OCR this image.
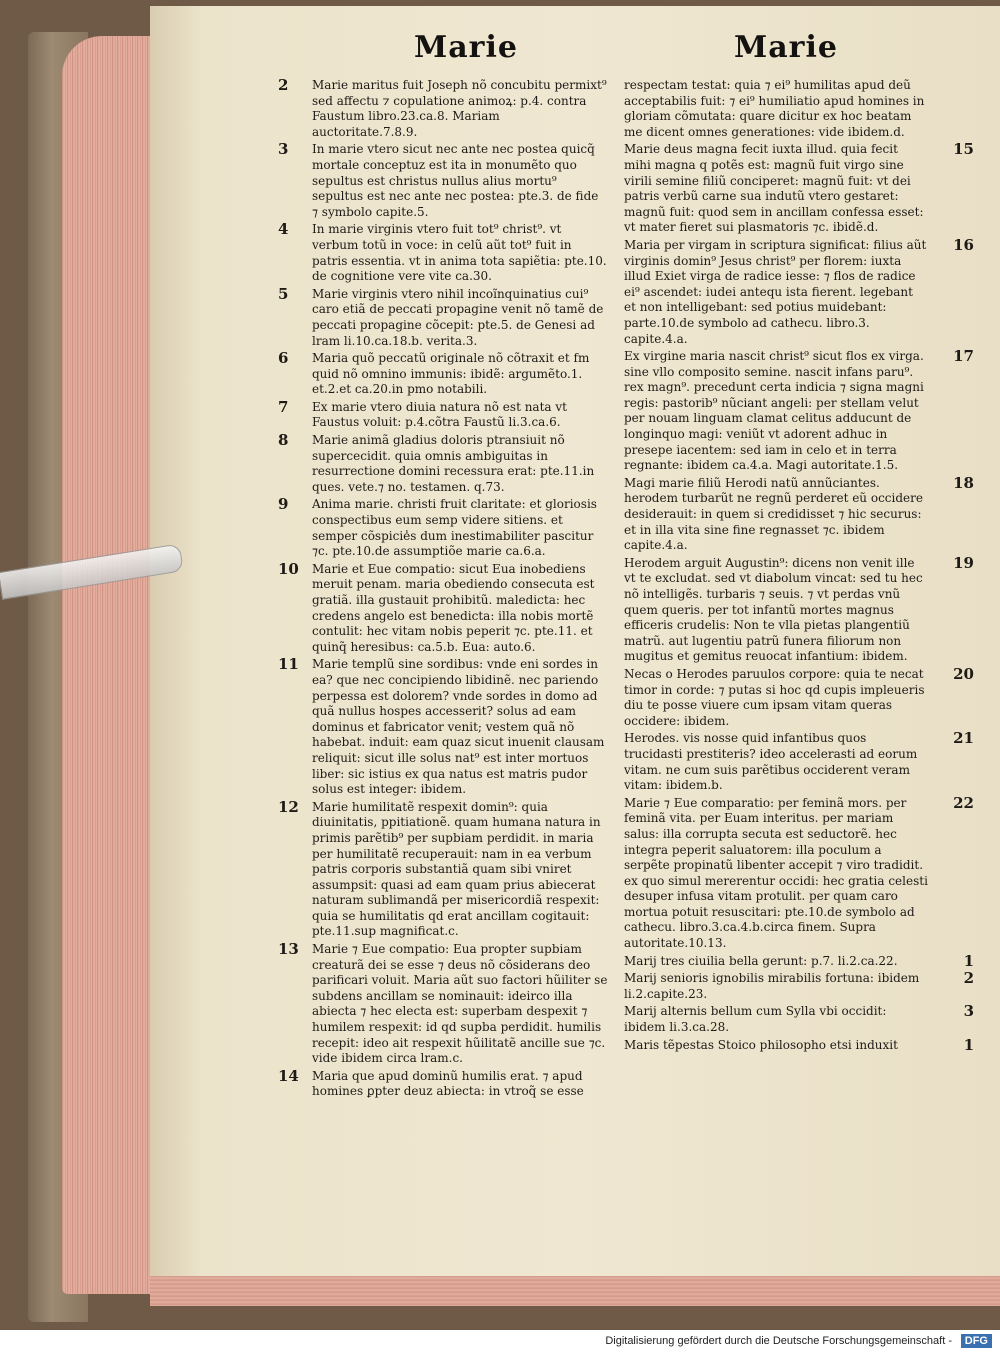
Marie	Marie

2 Marie maritus fuit Joseph nõ concubitu permixt⁹ sed affectu ⁊ copulatione animoꝝ: p.4. contra Faustum libro.23.ca.8. Mariam auctoritate.7.8.9.

3 In marie vtero sicut nec ante nec postea quicq̃ mortale conceptuz est ita in monumẽto quo sepultus est christus nullus alius mortu⁹ sepultus est nec ante nec postea: pte.3. de fide ⁊ symbolo capite.5.

4 In marie virginis vtero fuit tot⁹ christ⁹. vt verbum totũ in voce: in celũ aũt tot⁹ fuit in patris essentia. vt in anima tota sapiẽtia: pte.10. de cognitione vere vite ca.30.

5 Marie virginis vtero nihil incoĩnquinatius cui⁹ caro etiã de peccati propagine venit nõ tamẽ de peccati propagine cõcepit: pte.5. de Genesi ad lram li.10.ca.18.b. verita.3.

6 Maria quõ peccatũ originale nõ cõtraxit et fm quid nõ omnino immunis: ibidẽ: argumẽto.1. et.2.et ca.20.in pmo notabili.

7 Ex marie vtero diuia natura nõ est nata vt Faustus voluit: p.4.cõtra Faustũ li.3.ca.6.

8 Marie animã gladius doloris ptransiuit nõ supercecidit. quia omnis ambiguitas in resurrectione domini recessura erat: pte.11.in ques. vete.⁊ no. testamen. q.73.

9 Anima marie. christi fruit claritate: et gloriosis conspectibus eum semp videre sitiens. et semper cõspicie̾s dum inestimabiliter pascitur ⁊c. pte.10.de assumptiõe marie ca.6.a.

10 Marie et Eue compatio: sicut Eua inobediens meruit penam. maria obediendo consecuta est gratiã. illa gustauit prohibitũ. maledicta: hec credens angelo est benedicta: illa nobis mortẽ contulit: hec vitam nobis peperit ⁊c. pte.11. et quinq̃ heresibus: ca.5.b. Eua: auto.6.

11 Marie templũ sine sordibus: vnde eni sordes in ea? que nec concipiendo libidinẽ. nec pariendo perpessa est dolorem? vnde sordes in domo ad quã nullus hospes accesserit? solus ad eam dominus et fabricator venit; vestem quã nõ habebat. induit: eam quaz sicut inuenit clausam reliquit: sicut ille solus nat⁹ est inter mortuos liber: sic istius ex qua natus est matris pudor solus est integer: ibidem.

12 Marie humilitatẽ respexit domin⁹: quia diuinitatis, ppitiationẽ. quam humana natura in primis parẽtib⁹ per supbiam perdidit. in maria per humilitatẽ recuperauit: nam in ea verbum patris corporis substantiã quam sibi vniret assumpsit: quasi ad eam quam prius abiecerat naturam sublimandã per misericordiã respexit: quia se humilitatis qd erat ancillam cogitauit: pte.11.sup magnificat.c.

13 Marie ⁊ Eue compatio: Eua propter supbiam creaturã dei se esse ⁊ deus nõ cõsiderans deo parificari voluit. Maria aũt suo factori hũiliter se subdens ancillam se nominauit: ideirco illa abiecta ⁊ hec electa est: superbam despexit ⁊ humilem respexit: id qd supba perdidit. humilis recepit: ideo ait respexit hũilitatẽ ancille sue ⁊c. vide ibidem circa lram.c.

14 Maria que apud dominũ humilis erat. ⁊ apud homines ꝑpter deuz abiecta: in vtroq̃ se esse

respectam testat: quia ⁊ ei⁹ humilitas apud deũ acceptabilis fuit: ⁊ ei⁹ humiliatio apud homines in gloriam cõmutata: quare dicitur ex hoc beatam me dicent omnes generationes: vide ibidem.d.

15
Marie deus magna fecit iuxta illud. quia fecit mihi magna q potẽs est: magnũ fuit virgo sine virili semine filiũ conciperet: magnũ fuit: vt dei patris verbũ carne sua indutũ vtero gestaret: magnũ fuit: quod sem in ancillam confessa esset: vt mater fieret sui plasmatoris ⁊c. ibidẽ.d.

16
Maria per virgam in scriptura significat: filius aũt virginis domin⁹ Jesus christ⁹ per florem: iuxta illud Exiet virga de radice iesse: ⁊ flos de radice ei⁹ ascendet: iudei antequ ista fierent. legebant et non intelligebant: sed potius muidebant: parte.10.de symbolo ad cathecu. libro.3. capite.4.a.

17
Ex virgine maria nascit christ⁹ sicut flos ex virga. sine vllo composito semine. nascit infans paru⁹. rex magn⁹. precedunt certa indicia ⁊ signa magni regis: pastorib⁹ nũciant angeli: per stellam velut per nouam linguam clamat celitus adducunt de longinquo magi: veniũt vt adorent adhuc in presepe iacentem: sed iam in celo et in terra regnante: ibidem ca.4.a. Magi autoritate.1.5.

18
Magi marie filiũ Herodi natũ annũciantes. herodem turbarũt ne regnũ perderet eũ occidere desiderauit: in quem si credidisset ⁊ hic securus: et in illa vita sine fine regnasset ⁊c. ibidem capite.4.a.

19
Herodem arguit Augustin⁹: dicens non venit ille vt te excludat. sed vt diabolum vincat: sed tu hec nõ intelligẽs. turbaris ⁊ seuis. ⁊ vt perdas vnũ quem queris. per tot infantũ mortes magnus efficeris crudelis: Non te vlla pietas plangentiũ matrũ. aut lugentiu patrũ funera filiorum non mugitus et gemitus reuocat infantium: ibidem.

20
Necas o Herodes paruulos corpore: quia te necat timor in corde: ⁊ putas si hoc qd cupis impleueris diu te posse viuere cum ipsam vitam queras occidere: ibidem.

21
Herodes. vis nosse quid infantibus quos trucidasti prestiteris? ideo accelerasti ad eorum vitam. ne cum suis parẽtibus occiderent veram vitam: ibidem.b.

22
Marie ⁊ Eue comparatio: per feminã mors. per feminã vita. per Euam interitus. per mariam salus: illa corrupta secuta est seductorẽ. hec integra peperit saluatorem: illa poculum a serpẽte propinatũ libenter accepit ⁊ viro tradidit. ex quo simul mererentur occidi: hec gratia celesti desuper infusa vitam protulit. per quam caro mortua potuit resuscitari: pte.10.de symbolo ad cathecu. libro.3.ca.4.b.circa finem. Supra autoritate.10.13.

1
Marij tres ciuilia bella gerunt: p.7. li.2.ca.22.

2
Marij senioris ignobilis mirabilis fortuna: ibidem li.2.capite.23.

3
Marij alternis bellum cum Sylla vbi occidit: ibidem li.3.ca.28.

1
Maris tẽpestas Stoico philosopho etsi induxit

Digitalisierung gefördert durch die Deutsche Forschungsgemeinschaft -	DFG
